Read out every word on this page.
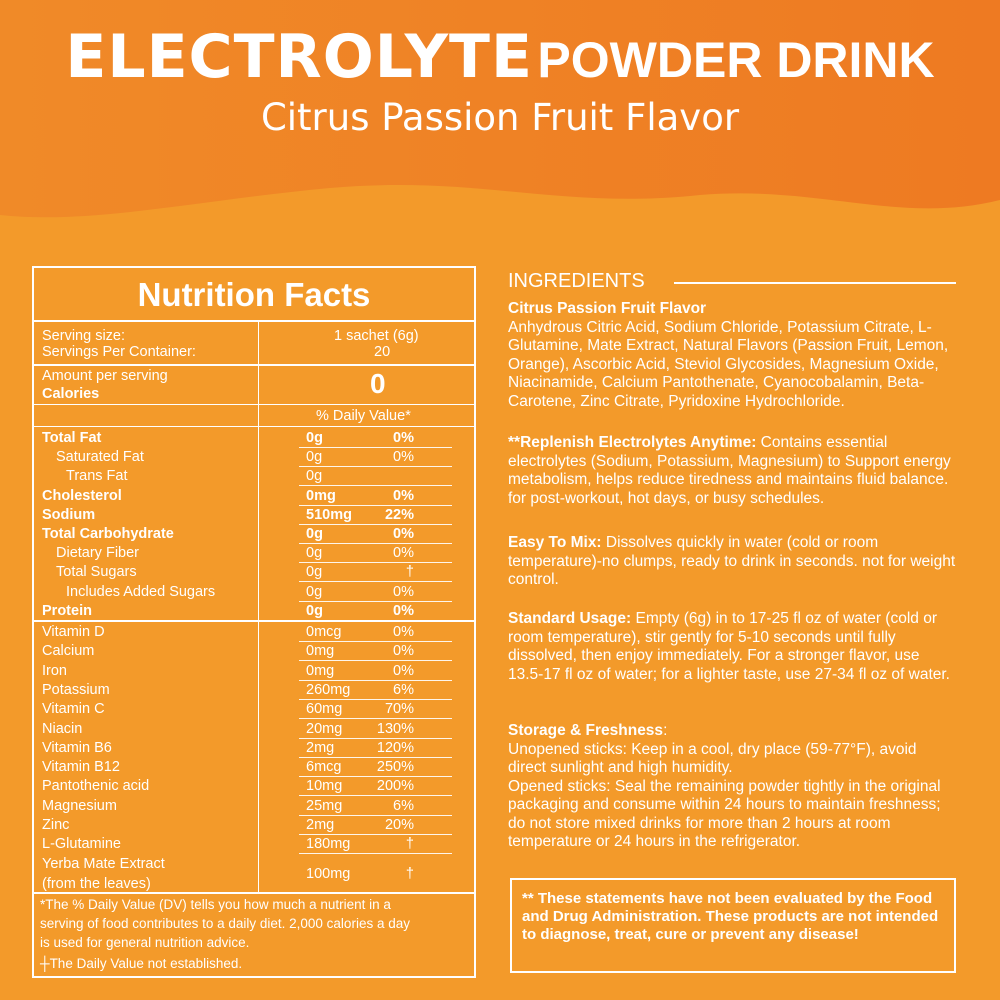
ELECTROLYTE POWDER DRINK
Citrus Passion Fruit Flavor
Nutrition Facts
Serving size:	1 sachet (6g)
Servings Per Container:	20
Amount per serving
Calories	0
% Daily Value*
Total Fat	0g	0%
Saturated Fat	0g	0%
Trans Fat	0g
Cholesterol	0mg	0%
Sodium	510mg 22%
Total Carbohydrate	0g	0%
Dietary Fiber	0g	0%
Total Sugars	0g	†
Includes Added Sugars	0g	0%
Protein	0g	0%
Vitamin D	0mcg	0%
Calcium	0mg	0%
Iron	0mg	0%
Potassium	260mg	6%
Vitamin C	60mg	70%
Niacin	20mg 130%
Vitamin B6	2mg	120%
Vitamin B12	6mcg 250%
Pantothenic acid	10mg 200%
Magnesium	25mg	6%
Zinc	2mg	20%
L-Glutamine	180mg	†
Yerba Mate Extract
(from the leaves)
100mg	†
*The % Daily Value (DV) tells you how much a nutrient in a
serving of food contributes to a daily diet. 2,000 calories a day
is used for general nutrition advice.
┼The Daily Value not established.
INGREDIENTS
Citrus Passion Fruit Flavor
Anhydrous Citric Acid, Sodium Chloride, Potassium Citrate, L-Glutamine, Mate Extract, Natural Flavors (Passion Fruit, Lemon, Orange), Ascorbic Acid, Steviol Glycosides, Magnesium Oxide, Niacinamide, Calcium Pantothenate, Cyanocobalamin, Beta-Carotene, Zinc Citrate, Pyridoxine Hydrochloride.
**Replenish Electrolytes Anytime: Contains essential electrolytes (Sodium, Potassium, Magnesium) to Support energy metabolism, helps reduce tiredness and maintains fluid balance. for post-workout, hot days, or busy schedules.
Easy To Mix: Dissolves quickly in water (cold or room temperature)-no clumps, ready to drink in seconds. not for weight control.
Standard Usage: Empty (6g) in to 17-25 fl oz of water (cold or room temperature), stir gently for 5-10 seconds until fully dissolved, then enjoy immediately. For a stronger flavor, use 13.5-17 fl oz of water; for a lighter taste, use 27-34 fl oz of water.
Storage & Freshness:
Unopened sticks: Keep in a cool, dry place (59-77°F), avoid direct sunlight and high humidity.
Opened sticks: Seal the remaining powder tightly in the original packaging and consume within 24 hours to maintain freshness; do not store mixed drinks for more than 2 hours at room temperature or 24 hours in the refrigerator.
** These statements have not been evaluated by the Food and Drug Administration. These products are not intended to diagnose, treat, cure or prevent any disease!
